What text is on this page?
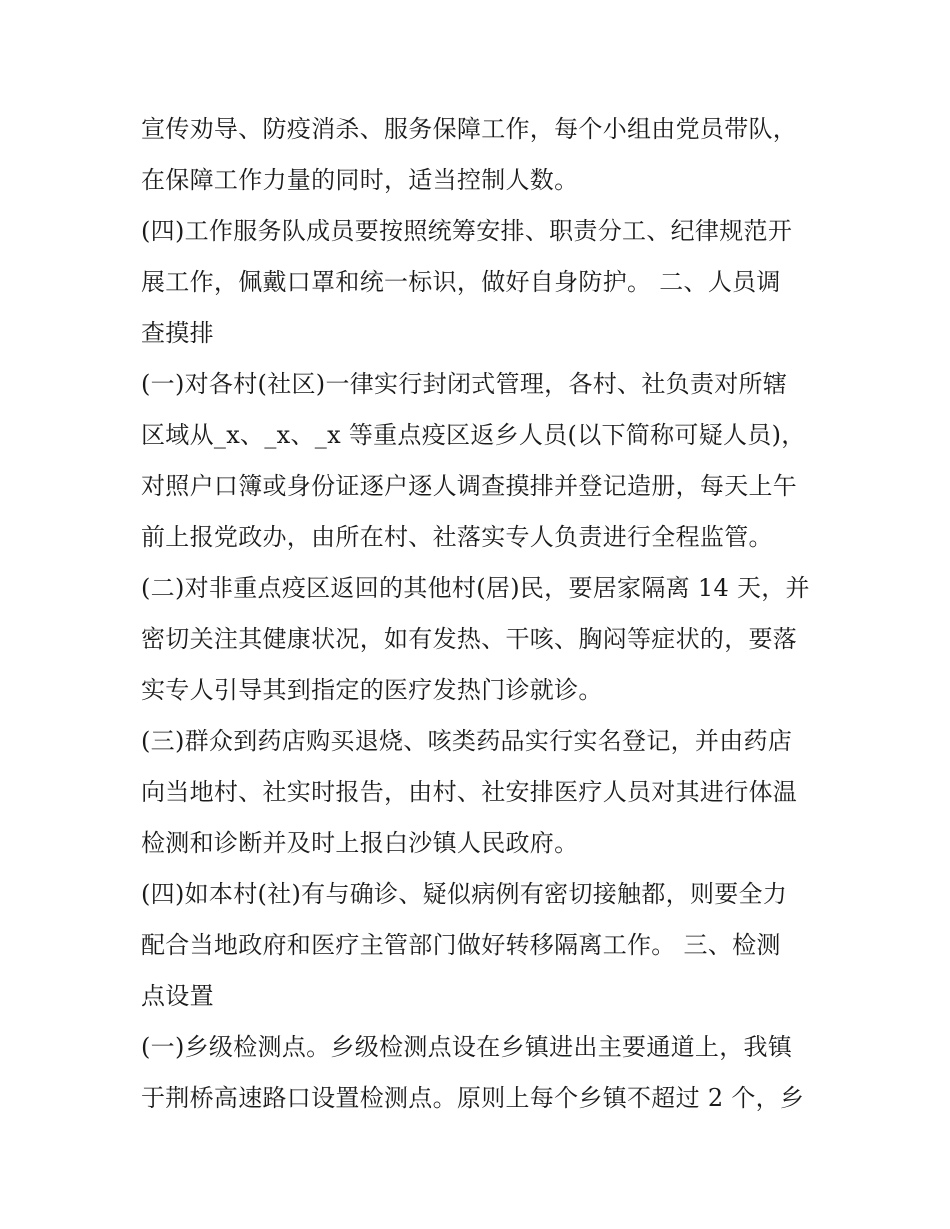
宣传劝导、防疫消杀、服务保障工作，每个小组由党员带队，
在保障工作力量的同时，适当控制人数。
(四)工作服务队成员要按照统筹安排、职责分工、纪律规范开
展工作，佩戴口罩和统一标识，做好自身防护。 二、人员调
查摸排
(一)对各村(社区)一律实行封闭式管理，各村、社负责对所辖
区域从_x、_x、_x 等重点疫区返乡人员(以下简称可疑人员)，
对照户口簿或身份证逐户逐人调查摸排并登记造册，每天上午
前上报党政办，由所在村、社落实专人负责进行全程监管。
(二)对非重点疫区返回的其他村(居)民，要居家隔离 14 天，并
密切关注其健康状况，如有发热、干咳、胸闷等症状的，要落
实专人引导其到指定的医疗发热门诊就诊。
(三)群众到药店购买退烧、咳类药品实行实名登记，并由药店
向当地村、社实时报告，由村、社安排医疗人员对其进行体温
检测和诊断并及时上报白沙镇人民政府。
(四)如本村(社)有与确诊、疑似病例有密切接触都，则要全力
配合当地政府和医疗主管部门做好转移隔离工作。 三、检测
点设置
(一)乡级检测点。乡级检测点设在乡镇进出主要通道上，我镇
于荆桥高速路口设置检测点。原则上每个乡镇不超过 2 个，乡
